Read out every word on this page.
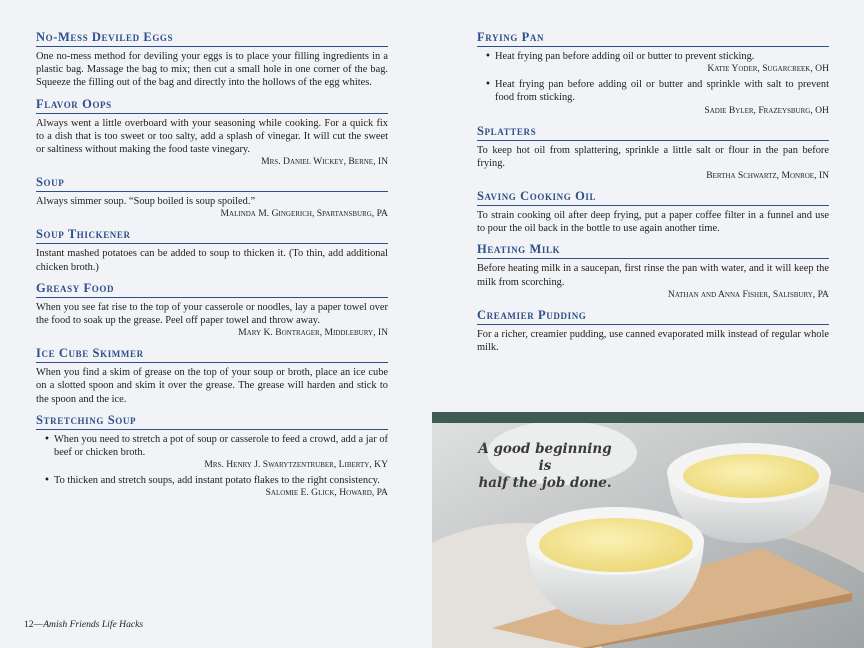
No-Mess Deviled Eggs

One no-mess method for deviling your eggs is to place your filling ingredients in a plastic bag. Massage the bag to mix; then cut a small hole in one corner of the bag. Squeeze the filling out of the bag and directly into the hollows of the egg whites.

Flavor Oops

Always went a little overboard with your seasoning while cooking. For a quick fix to a dish that is too sweet or too salty, add a splash of vinegar. It will cut the sweet or saltiness without making the food taste vinegary.

Mrs. Daniel Wickey, Berne, IN
Soup

Always simmer soup. “Soup boiled is soup spoiled.”

Malinda M. Gingerich, Spartansburg, PA
Soup Thickener

Instant mashed potatoes can be added to soup to thicken it. (To thin, add additional chicken broth.)

Greasy Food

When you see fat rise to the top of your casserole or noodles, lay a paper towel over the food to soak up the grease. Peel off paper towel and throw away.

Mary K. Bontrager, Middlebury, IN
Ice Cube Skimmer

When you find a skim of grease on the top of your soup or broth, place an ice cube on a slotted spoon and skim it over the grease. The grease will harden and stick to the spoon and the ice.

Stretching Soup

• When you need to stretch a pot of soup or casserole to feed a crowd, add a jar of beef or chicken broth.

Mrs. Henry J. Swarytzentruber, Liberty, KY

• To thicken and stretch soups, add instant potato flakes to the right consistency.

Salomie E. Glick, Howard, PA
Frying Pan

• Heat frying pan before adding oil or butter to prevent sticking.

Katie Yoder, Sugarcreek, OH

• Heat frying pan before adding oil or butter and sprinkle with salt to prevent food from sticking.

Sadie Byler, Frazeysburg, OH
Splatters

To keep hot oil from splattering, sprinkle a little salt or flour in the pan before frying.

Bertha Schwartz, Monroe, IN
Saving Cooking Oil

To strain cooking oil after deep frying, put a paper coffee filter in a funnel and use to pour the oil back in the bottle to use again another time.

Heating Milk

Before heating milk in a saucepan, first rinse the pan with water, and it will keep the milk from scorching.

Nathan and Anna Fisher, Salisbury, PA
Creamier Pudding

For a richer, creamier pudding, use canned evaporated milk instead of regular whole milk.

A good beginning is
half the job done.
12—Amish Friends Life Hacks
